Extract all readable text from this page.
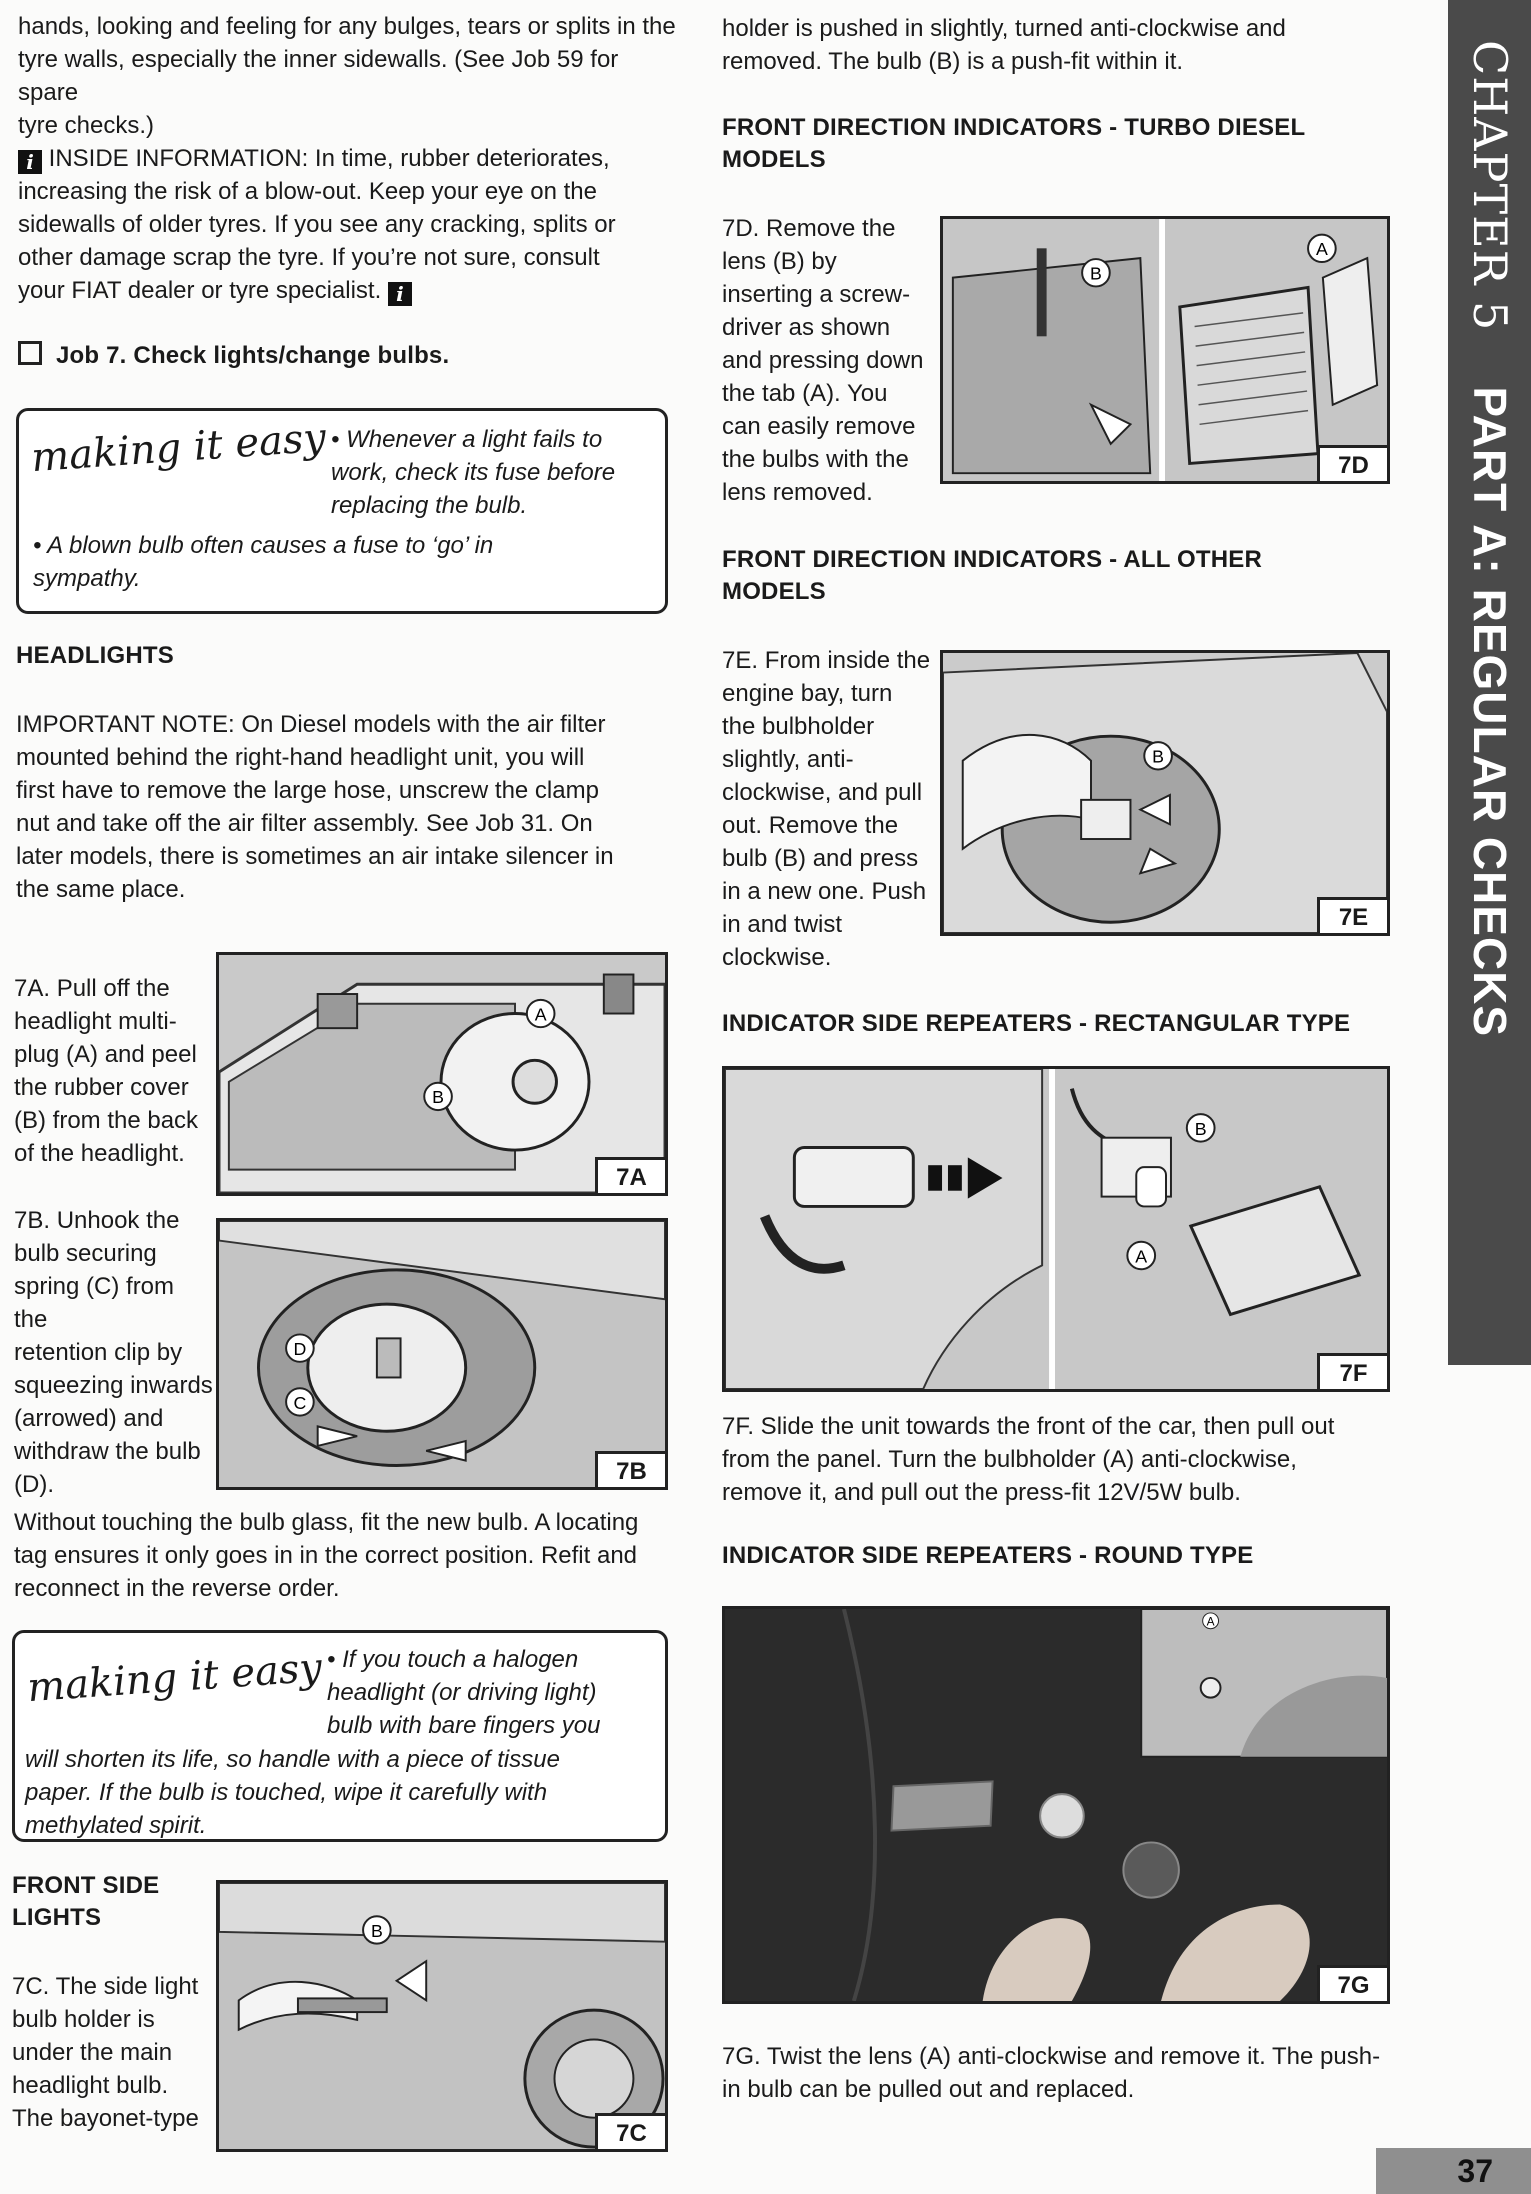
hands, looking and feeling for any bulges, tears or splits in the
tyre walls, especially the inner sidewalls. (See Job 59 for spare
tyre checks.)
i INSIDE INFORMATION: In time, rubber deteriorates,
increasing the risk of a blow-out. Keep your eye on the
sidewalls of older tyres. If you see any cracking, splits or
other damage scrap the tyre. If you’re not sure, consult
your FIAT dealer or tyre specialist. i
Job 7. Check lights/change bulbs.
making it easy • Whenever a light fails to
work, check its fuse before
replacing the bulb.
• A blown bulb often causes a fuse to ‘go’ in
sympathy.
HEADLIGHTS
IMPORTANT NOTE: On Diesel models with the air filter
mounted behind the right-hand headlight unit, you will
first have to remove the large hose, unscrew the clamp
nut and take off the air filter assembly. See Job 31. On
later models, there is sometimes an air intake silencer in
the same place.
7A. Pull off the
headlight multi-
plug (A) and peel
the rubber cover
(B) from the back
of the headlight.
A
B
7A
7B. Unhook the
bulb securing
spring (C) from the
retention clip by
squeezing inwards
(arrowed) and
withdraw the bulb
(D).
D
C
7B
Without touching the bulb glass, fit the new bulb. A locating
tag ensures it only goes in in the correct position. Refit and
reconnect in the reverse order.
making it easy • If you touch a halogen
headlight (or driving light)
bulb with bare fingers you
will shorten its life, so handle with a piece of tissue
paper. If the bulb is touched, wipe it carefully with
methylated spirit.
FRONT SIDE
LIGHTS
7C. The side light
bulb holder is
under the main
headlight bulb.
The bayonet-type
B
7C
holder is pushed in slightly, turned anti-clockwise and
removed. The bulb (B) is a push-fit within it.
FRONT DIRECTION INDICATORS - TURBO DIESEL
MODELS
7D. Remove the
lens (B) by
inserting a screw-
driver as shown
and pressing down
the tab (A). You
can easily remove
the bulbs with the
lens removed.
B
A
7D
FRONT DIRECTION INDICATORS - ALL OTHER
MODELS
7E. From inside the
engine bay, turn
the bulbholder
slightly, anti-
clockwise, and pull
out. Remove the
bulb (B) and press
in a new one. Push
in and twist
clockwise.
B
7E
INDICATOR SIDE REPEATERS - RECTANGULAR TYPE
A
B
7F
7F. Slide the unit towards the front of the car, then pull out
from the panel. Turn the bulbholder (A) anti-clockwise,
remove it, and pull out the press-fit 12V/5W bulb.
INDICATOR SIDE REPEATERS - ROUND TYPE
A
7G
7G. Twist the lens (A) anti-clockwise and remove it. The push-
in bulb can be pulled out and replaced.
CHAPTER 5    PART A: REGULAR CHECKS
37
